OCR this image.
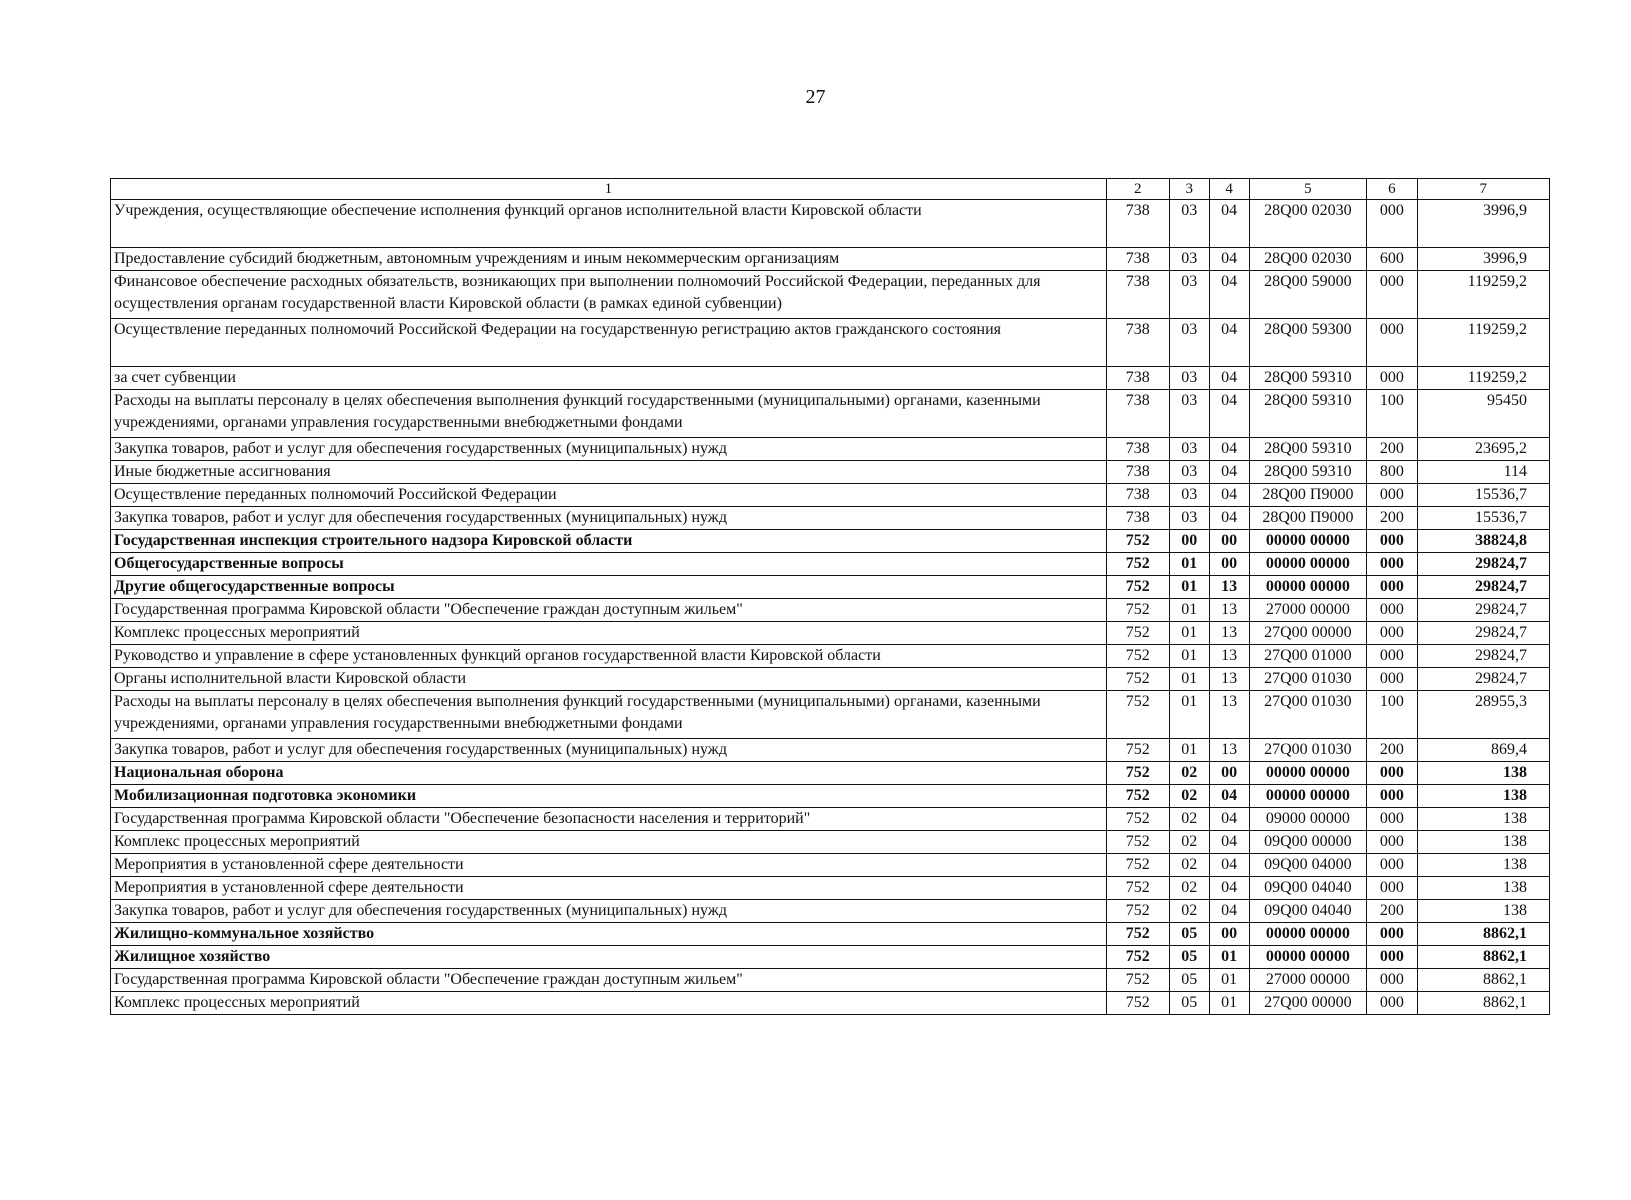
27
1	2	3	4	5	6	7
Учреждения, осуществляющие обеспечение исполнения функций органов исполнительной власти Кировской области	738	03	04	28Q00 02030	000	3996,9
Предоставление субсидий бюджетным, автономным учреждениям и иным некоммерческим организациям	738	03	04	28Q00 02030	600	3996,9
Финансовое обеспечение расходных обязательств, возникающих при выполнении полномочий Российской Федерации, переданных для осуществления органам государственной власти Кировской области (в рамках единой субвенции)	738	03	04	28Q00 59000	000	119259,2
Осуществление переданных полномочий Российской Федерации на государственную регистрацию актов гражданского состояния	738	03	04	28Q00 59300	000	119259,2
за счет субвенции	738	03	04	28Q00 59310	000	119259,2
Расходы на выплаты персоналу в целях обеспечения выполнения функций государственными (муниципальными) органами, казенными учреждениями, органами управления государственными внебюджетными фондами	738	03	04	28Q00 59310	100	95450
Закупка товаров, работ и услуг для обеспечения государственных (муниципальных) нужд	738	03	04	28Q00 59310	200	23695,2
Иные бюджетные ассигнования	738	03	04	28Q00 59310	800	114
Осуществление переданных полномочий Российской Федерации	738	03	04	28Q00 П9000	000	15536,7
Закупка товаров, работ и услуг для обеспечения государственных (муниципальных) нужд	738	03	04	28Q00 П9000	200	15536,7
Государственная инспекция строительного надзора Кировской области	752	00	00	00000 00000	000	38824,8
Общегосударственные вопросы	752	01	00	00000 00000	000	29824,7
Другие общегосударственные вопросы	752	01	13	00000 00000	000	29824,7
Государственная программа Кировской области "Обеспечение граждан доступным жильем"	752	01	13	27000 00000	000	29824,7
Комплекс процессных мероприятий	752	01	13	27Q00 00000	000	29824,7
Руководство и управление в сфере установленных функций органов государственной власти Кировской области	752	01	13	27Q00 01000	000	29824,7
Органы исполнительной власти Кировской области	752	01	13	27Q00 01030	000	29824,7
Расходы на выплаты персоналу в целях обеспечения выполнения функций государственными (муниципальными) органами, казенными учреждениями, органами управления государственными внебюджетными фондами	752	01	13	27Q00 01030	100	28955,3
Закупка товаров, работ и услуг для обеспечения государственных (муниципальных) нужд	752	01	13	27Q00 01030	200	869,4
Национальная оборона	752	02	00	00000 00000	000	138
Мобилизационная подготовка экономики	752	02	04	00000 00000	000	138
Государственная программа Кировской области "Обеспечение безопасности населения и территорий"	752	02	04	09000 00000	000	138
Комплекс процессных мероприятий	752	02	04	09Q00 00000	000	138
Мероприятия в установленной сфере деятельности	752	02	04	09Q00 04000	000	138
Мероприятия в установленной сфере деятельности	752	02	04	09Q00 04040	000	138
Закупка товаров, работ и услуг для обеспечения государственных (муниципальных) нужд	752	02	04	09Q00 04040	200	138
Жилищно-коммунальное хозяйство	752	05	00	00000 00000	000	8862,1
Жилищное хозяйство	752	05	01	00000 00000	000	8862,1
Государственная программа Кировской области "Обеспечение граждан доступным жильем"	752	05	01	27000 00000	000	8862,1
Комплекс процессных мероприятий	752	05	01	27Q00 00000	000	8862,1
